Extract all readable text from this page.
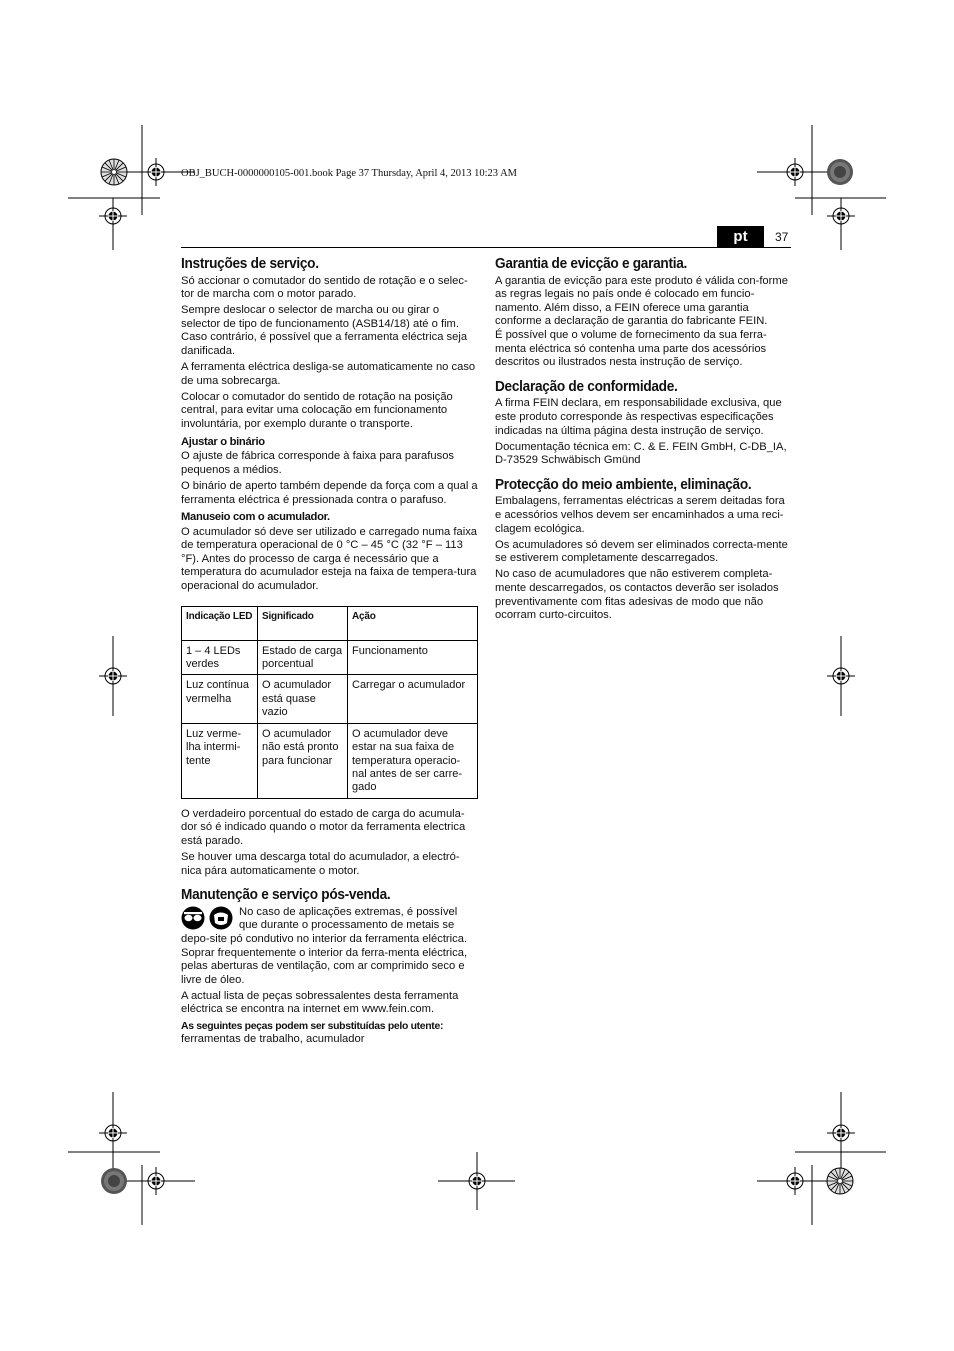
OBJ_BUCH-0000000105-001.book Page 37 Thursday, April 4, 2013 10:23 AM
pt	37
Instruções de serviço.

Só accionar o comutador do sentido de rotação e o selec-tor de marcha com o motor parado.

Sempre deslocar o selector de marcha ou ou girar o selector de tipo de funcionamento (ASB14/18) até o fim. Caso contrário, é possível que a ferramenta eléctrica seja danificada.

A ferramenta eléctrica desliga-se automaticamente no caso de uma sobrecarga.

Colocar o comutador do sentido de rotação na posição central, para evitar uma colocação em funcionamento involuntária, por exemplo durante o transporte.

Ajustar o binário

O ajuste de fábrica corresponde à faixa para parafusos pequenos a médios.

O binário de aperto também depende da força com a qual a ferramenta eléctrica é pressionada contra o parafuso.

Manuseio com o acumulador.

O acumulador só deve ser utilizado e carregado numa faixa de temperatura operacional de 0 °C – 45 °C (32 °F – 113 °F). Antes do processo de carga é necessário que a temperatura do acumulador esteja na faixa de tempera-tura operacional do acumulador.

Indicação LED	Significado	Ação
1 – 4 LEDs verdes	Estado de carga porcentual	Funcionamento
Luz contínua vermelha	O acumulador está quase vazio	Carregar o acumulador
Luz verme-lha intermi-tente	O acumulador não está pronto para funcionar	O acumulador deve estar na sua faixa de temperatura operacio-nal antes de ser carre-gado

O verdadeiro porcentual do estado de carga do acumula-dor só é indicado quando o motor da ferramenta electrica está parado.

Se houver uma descarga total do acumulador, a electró-nica pára automaticamente o motor.

Manutenção e serviço pós-venda.

No caso de aplicações extremas, é possível que durante o processamento de metais se depo-site pó condutivo no interior da ferramenta eléctrica. Soprar frequentemente o interior da ferra-menta eléctrica, pelas aberturas de ventilação, com ar comprimido seco e livre de óleo.

A actual lista de peças sobressalentes desta ferramenta eléctrica se encontra na internet em www.fein.com.

As seguintes peças podem ser substituídas pelo utente:

ferramentas de trabalho, acumulador

Garantia de evicção e garantia.

A garantia de evicção para este produto é válida con-forme as regras legais no país onde é colocado em funcio-namento. Além disso, a FEIN oferece uma garantia conforme a declaração de garantia do fabricante FEIN.

É possível que o volume de fornecimento da sua ferra-menta eléctrica só contenha uma parte dos acessórios descritos ou ilustrados nesta instrução de serviço.

Declaração de conformidade.

A firma FEIN declara, em responsabilidade exclusiva, que este produto corresponde às respectivas especificações indicadas na última página desta instrução de serviço.

Documentação técnica em: C. & E. FEIN GmbH, C-DB_IA, D-73529 Schwäbisch Gmünd

Protecção do meio ambiente, eliminação.

Embalagens, ferramentas eléctricas a serem deitadas fora e acessórios velhos devem ser encaminhados a uma reci-clagem ecológica.

Os acumuladores só devem ser eliminados correcta-mente se estiverem completamente descarregados.

No caso de acumuladores que não estiverem completa-mente descarregados, os contactos deverão ser isolados preventivamente com fitas adesivas de modo que não ocorram curto-circuitos.
